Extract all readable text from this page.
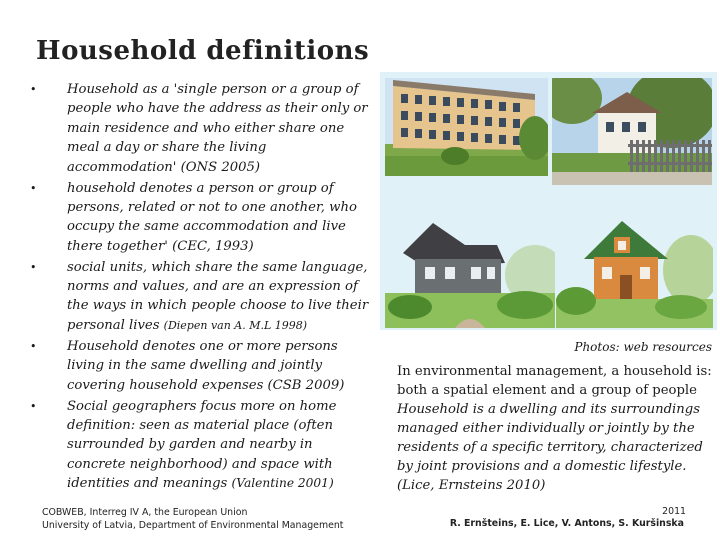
Household definitions
• Household as a 'single person or a group of people who have the address as their only or main residence and who either share one meal a day or share the living accommodation' (ONS 2005)
• household denotes a person or group of persons, related or not to one another, who occupy the same accommodation and live there together' (CEC, 1993)
• social units, which share the same language, norms and values, and are an expression of the ways in which people choose to live their personal lives (Diepen van A. M.L 1998)
• Household denotes one or more persons living in the same dwelling and jointly covering household expenses (CSB 2009)
• Social geographers focus more on home definition: seen as material place (often surrounded by garden and nearby in concrete neighborhood) and space with identities and meanings (Valentine 2001)
Photos: web resources
In environmental management, a household is:
both a spatial element and a group of people
Household is a dwelling and its surroundings managed either individually or jointly by the residents of a specific territory, characterized by joint provisions and a domestic lifestyle. (Lice, Ernsteins 2010)
COBWEB, Interreg IV A, the European Union
University of Latvia, Department of Environmental Management
2011
R. Ernšteins, E. Lice, V. Antons, S. Kuršinska
